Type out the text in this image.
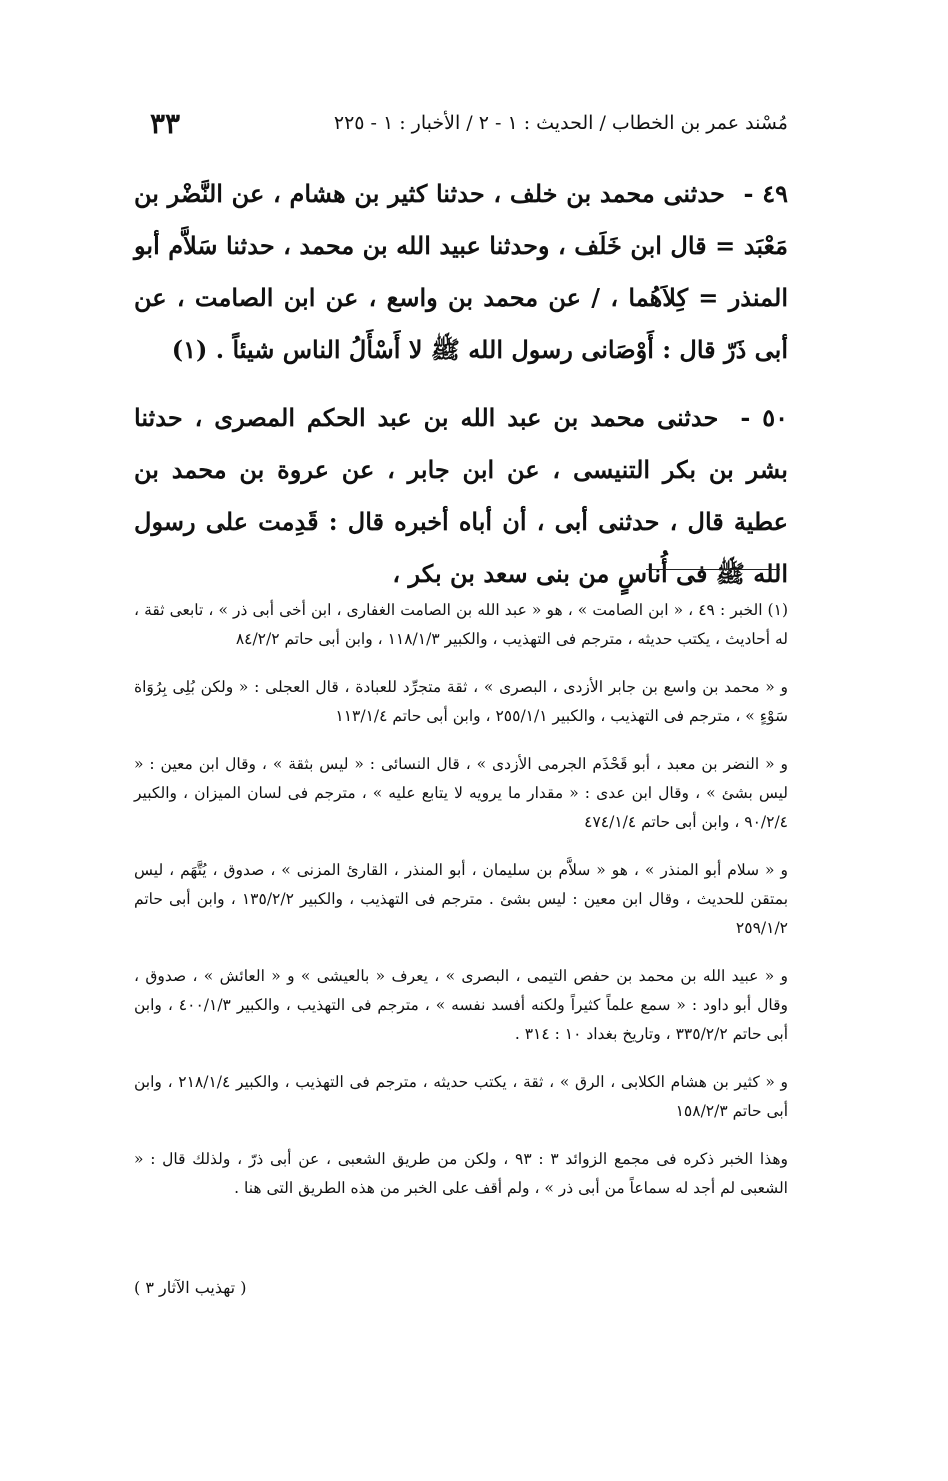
مُسْند عمر بن الخطاب / الحديث : ١ - ٢ / الأخبار : ١ - ٢٢٥
٣٣

٤٩ - حدثنى محمد بن خلف ، حدثنا كثير بن هشام ، عن النَّضْر بن مَعْبَد = قال ابن خَلَف ، وحدثنا عبيد الله بن محمد ، حدثنا سَلاَّم أبو المنذر = كِلاَهُما ، / عن محمد بن واسع ، عن ابن الصامت ، عن أبى ذَرّ قال : أَوْصَانى رسول الله ﷺ لا أَسْأَلُ الناس شيئاً . (١)

٥٠ - حدثنى محمد بن عبد الله بن عبد الحكم المصرى ، حدثنا بشر بن بكر التنيسى ، عن ابن جابر ، عن عروة بن محمد بن عطية قال ، حدثنى أبى ، أن أباه أخبره قال : قَدِمت على رسول الله ﷺ فى أُناسٍ من بنى سعد بن بكر ،

(١) الخبر : ٤٩ ، « ابن الصامت » ، هو « عبد الله بن الصامت الغفارى ، ابن أخى أبى ذر » ، تابعى ثقة ، له أحاديث ، يكتب حديثه ، مترجم فى التهذيب ، والكبير ١١٨/١/٣ ، وابن أبى حاتم ٨٤/٢/٢

و « محمد بن واسع بن جابر الأزدى ، البصرى » ، ثقة متجرِّد للعبادة ، قال العجلى : « ولكن بُلِى بِرُوَاة سَوْءٍ » ، مترجم فى التهذيب ، والكبير ٢٥٥/١/١ ، وابن أبى حاتم ١١٣/١/٤

و « النضر بن معبد ، أبو قَحْذَم الجرمى الأزدى » ، قال النسائى : « ليس بثقة » ، وقال ابن معين : « ليس بشئ » ، وقال ابن عدى : « مقدار ما يرويه لا يتابع عليه » ، مترجم فى لسان الميزان ، والكبير ٩٠/٢/٤ ، وابن أبى حاتم ٤٧٤/١/٤

و « سلام أبو المنذر » ، هو « سلاَّم بن سليمان ، أبو المنذر ، القارئ المزنى » ، صدوق ، يُتَّهَم ، ليس بمتقن للحديث ، وقال ابن معين : ليس بشئ . مترجم فى التهذيب ، والكبير ١٣٥/٢/٢ ، وابن أبى حاتم ٢٥٩/١/٢

و « عبيد الله بن محمد بن حفص التيمى ، البصرى » ، يعرف « بالعيشى » و « العائش » ، صدوق ، وقال أبو داود : « سمع علماً كثيراً ولكنه أفسد نفسه » ، مترجم فى التهذيب ، والكبير ٤٠٠/١/٣ ، وابن أبى حاتم ٣٣٥/٢/٢ ، وتاريخ بغداد ١٠ : ٣١٤ .

و « كثير بن هشام الكلابى ، الرق » ، ثقة ، يكتب حديثه ، مترجم فى التهذيب ، والكبير ٢١٨/١/٤ ، وابن أبى حاتم ١٥٨/٢/٣

وهذا الخبر ذكره فى مجمع الزوائد ٣ : ٩٣ ، ولكن من طريق الشعبى ، عن أبى ذرّ ، ولذلك قال : « الشعبى لم أجد له سماعاً من أبى ذر » ، ولم أقف على الخبر من هذه الطريق التى هنا .

( تهذيب الآثار ٣ )
